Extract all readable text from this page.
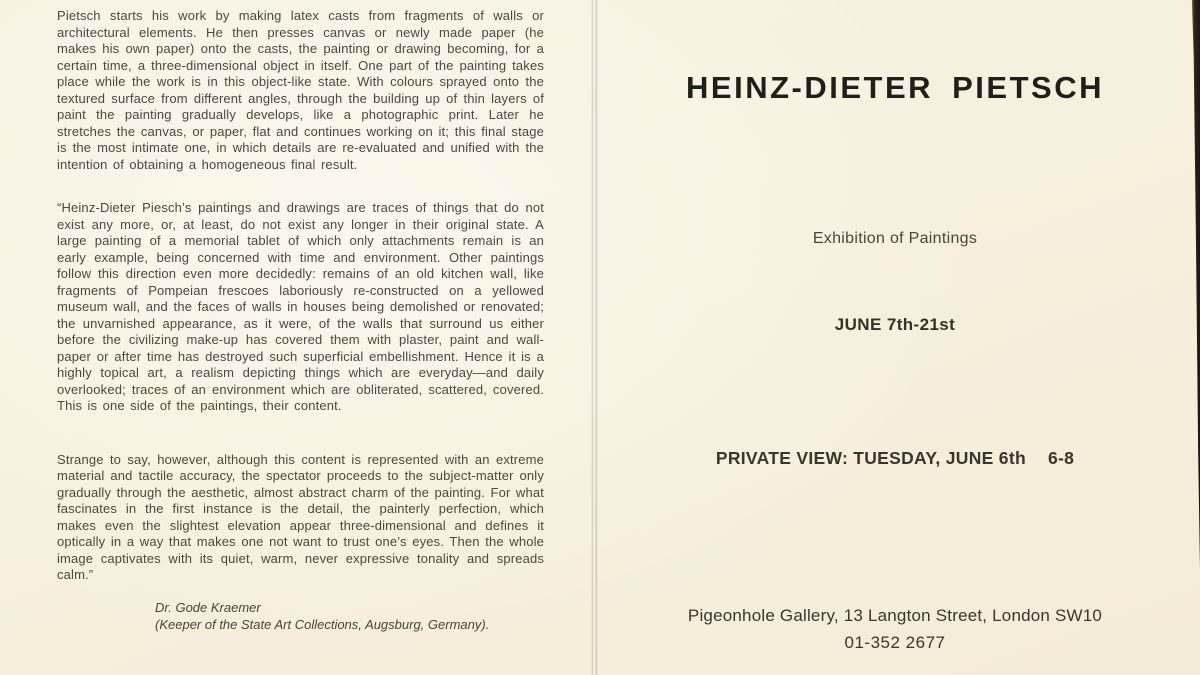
Pietsch starts his work by making latex casts from fragments of walls or architectural elements. He then presses canvas or newly made paper (he makes his own paper) onto the casts, the painting or drawing becoming, for a certain time, a three-dimensional object in itself. One part of the painting takes place while the work is in this object-like state. With colours sprayed onto the textured surface from different angles, through the building up of thin layers of paint the painting gradually develops, like a photographic print. Later he stretches the canvas, or paper, flat and continues working on it; this final stage is the most intimate one, in which details are re-evaluated and unified with the intention of obtaining a homogeneous final result.

“Heinz-Dieter Piesch’s paintings and drawings are traces of things that do not exist any more, or, at least, do not exist any longer in their original state. A large painting of a memorial tablet of which only attachments remain is an early example, being concerned with time and environment. Other paintings follow this direction even more decidedly: remains of an old kitchen wall, like fragments of Pompeian frescoes laboriously re-constructed on a yellowed museum wall, and the faces of walls in houses being demolished or renovated; the unvarnished appearance, as it were, of the walls that surround us either before the civilizing make-up has covered them with plaster, paint and wall-paper or after time has destroyed such superficial embellishment. Hence it is a highly topical art, a realism depicting things which are everyday—and daily overlooked; traces of an environment which are obliterated, scattered, covered. This is one side of the paintings, their content.

Strange to say, however, although this content is represented with an extreme material and tactile accuracy, the spectator proceeds to the subject-matter only gradually through the aesthetic, almost abstract charm of the painting. For what fascinates in the first instance is the detail, the painterly perfection, which makes even the slightest elevation appear three-dimensional and defines it optically in a way that makes one not want to trust one’s eyes. Then the whole image captivates with its quiet, warm, never expressive tonality and spreads calm.”

Dr. Gode Kraemer
(Keeper of the State Art Collections, Augsburg, Germany).
HEINZ-DIETER PIETSCH
Exhibition of Paintings
JUNE 7th-21st
PRIVATE VIEW: TUESDAY, JUNE 6th 6-8
Pigeonhole Gallery, 13 Langton Street, London SW10
01-352 2677
